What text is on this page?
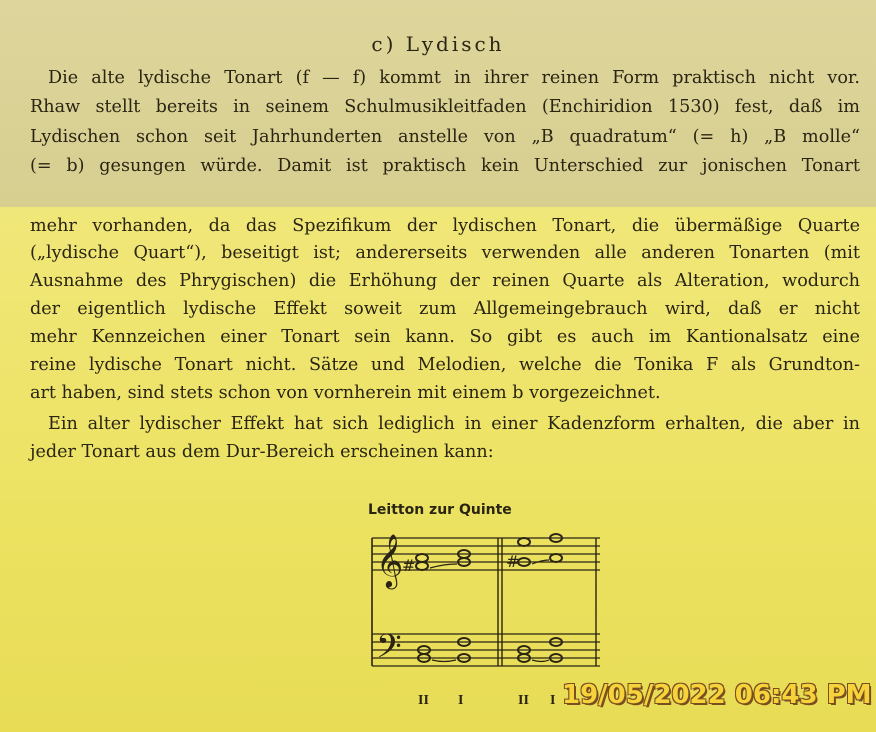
c) Lydisch
Die alte lydische Tonart (f — f) kommt in ihrer reinen Form praktisch nicht vor.
Rhaw stellt bereits in seinem Schulmusikleitfaden (Enchiridion 1530) fest, daß im
Lydischen schon seit Jahrhunderten anstelle von „B quadratum“ (= h) „B molle“
(= b) gesungen würde. Damit ist praktisch kein Unterschied zur jonischen Tonart
mehr vorhanden, da das Spezifikum der lydischen Tonart, die übermäßige Quarte
(„lydische Quart“), beseitigt ist; andererseits verwenden alle anderen Tonarten (mit
Ausnahme des Phrygischen) die Erhöhung der reinen Quarte als Alteration, wodurch
der eigentlich lydische Effekt soweit zum Allgemeingebrauch wird, daß er nicht
mehr Kennzeichen einer Tonart sein kann. So gibt es auch im Kantionalsatz eine
reine lydische Tonart nicht. Sätze und Melodien, welche die Tonika F als Grundton-
art haben, sind stets schon von vornherein mit einem b vorgezeichnet.
Ein alter lydischer Effekt hat sich lediglich in einer Kadenzform erhalten, die aber in
jeder Tonart aus dem Dur-Bereich erscheinen kann:
Leitton zur Quinte
𝄞
𝄢
#	#
II I	II I 19/05/2022 06:43 PM
